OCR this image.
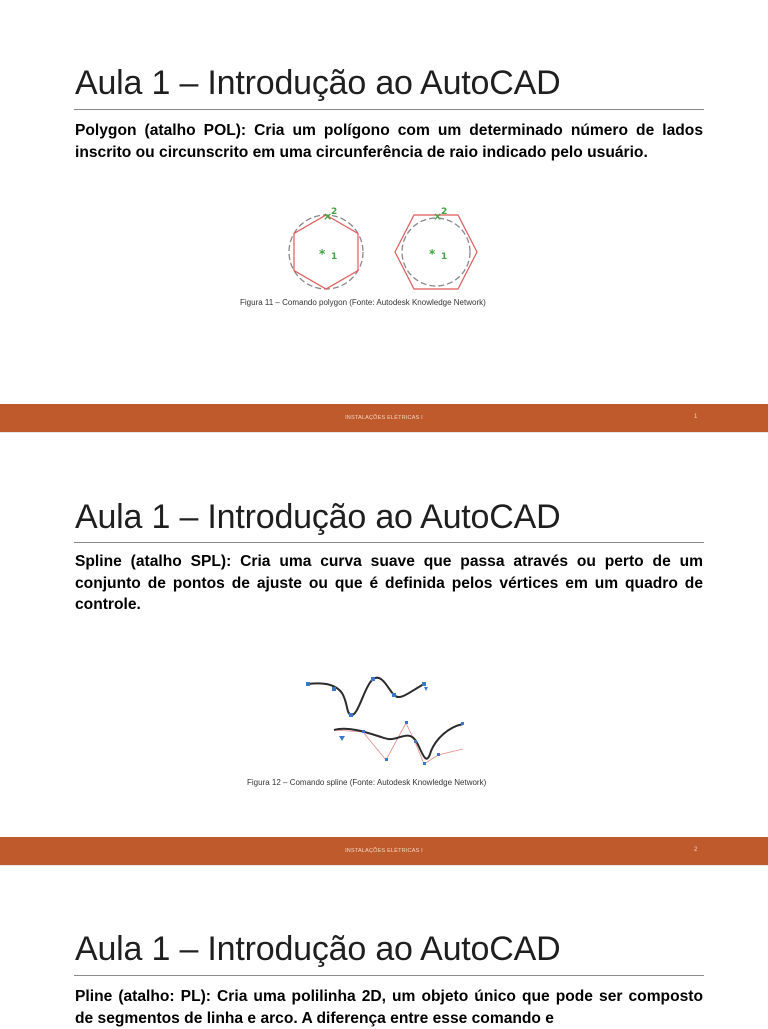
Aula 1 – Introdução ao AutoCAD
Polygon (atalho POL): Cria um polígono com um determinado número de lados inscrito ou circunscrito em uma circunferência de raio indicado pelo usuário.
×
2
* 1
×
2
* 1
Figura 11 – Comando polygon (Fonte: Autodesk Knowledge Network)
INSTALAÇÕES ELÉTRICAS I	1
Aula 1 – Introdução ao AutoCAD
Spline (atalho SPL): Cria uma curva suave que passa através ou perto de um conjunto de pontos de ajuste ou que é definida pelos vértices em um quadro de controle.
Figura 12 – Comando spline (Fonte: Autodesk Knowledge Network)
INSTALAÇÕES ELÉTRICAS I	2
Aula 1 – Introdução ao AutoCAD
Pline (atalho: PL): Cria uma polilinha 2D, um objeto único que pode ser composto de segmentos de linha e arco. A diferença entre esse comando e
